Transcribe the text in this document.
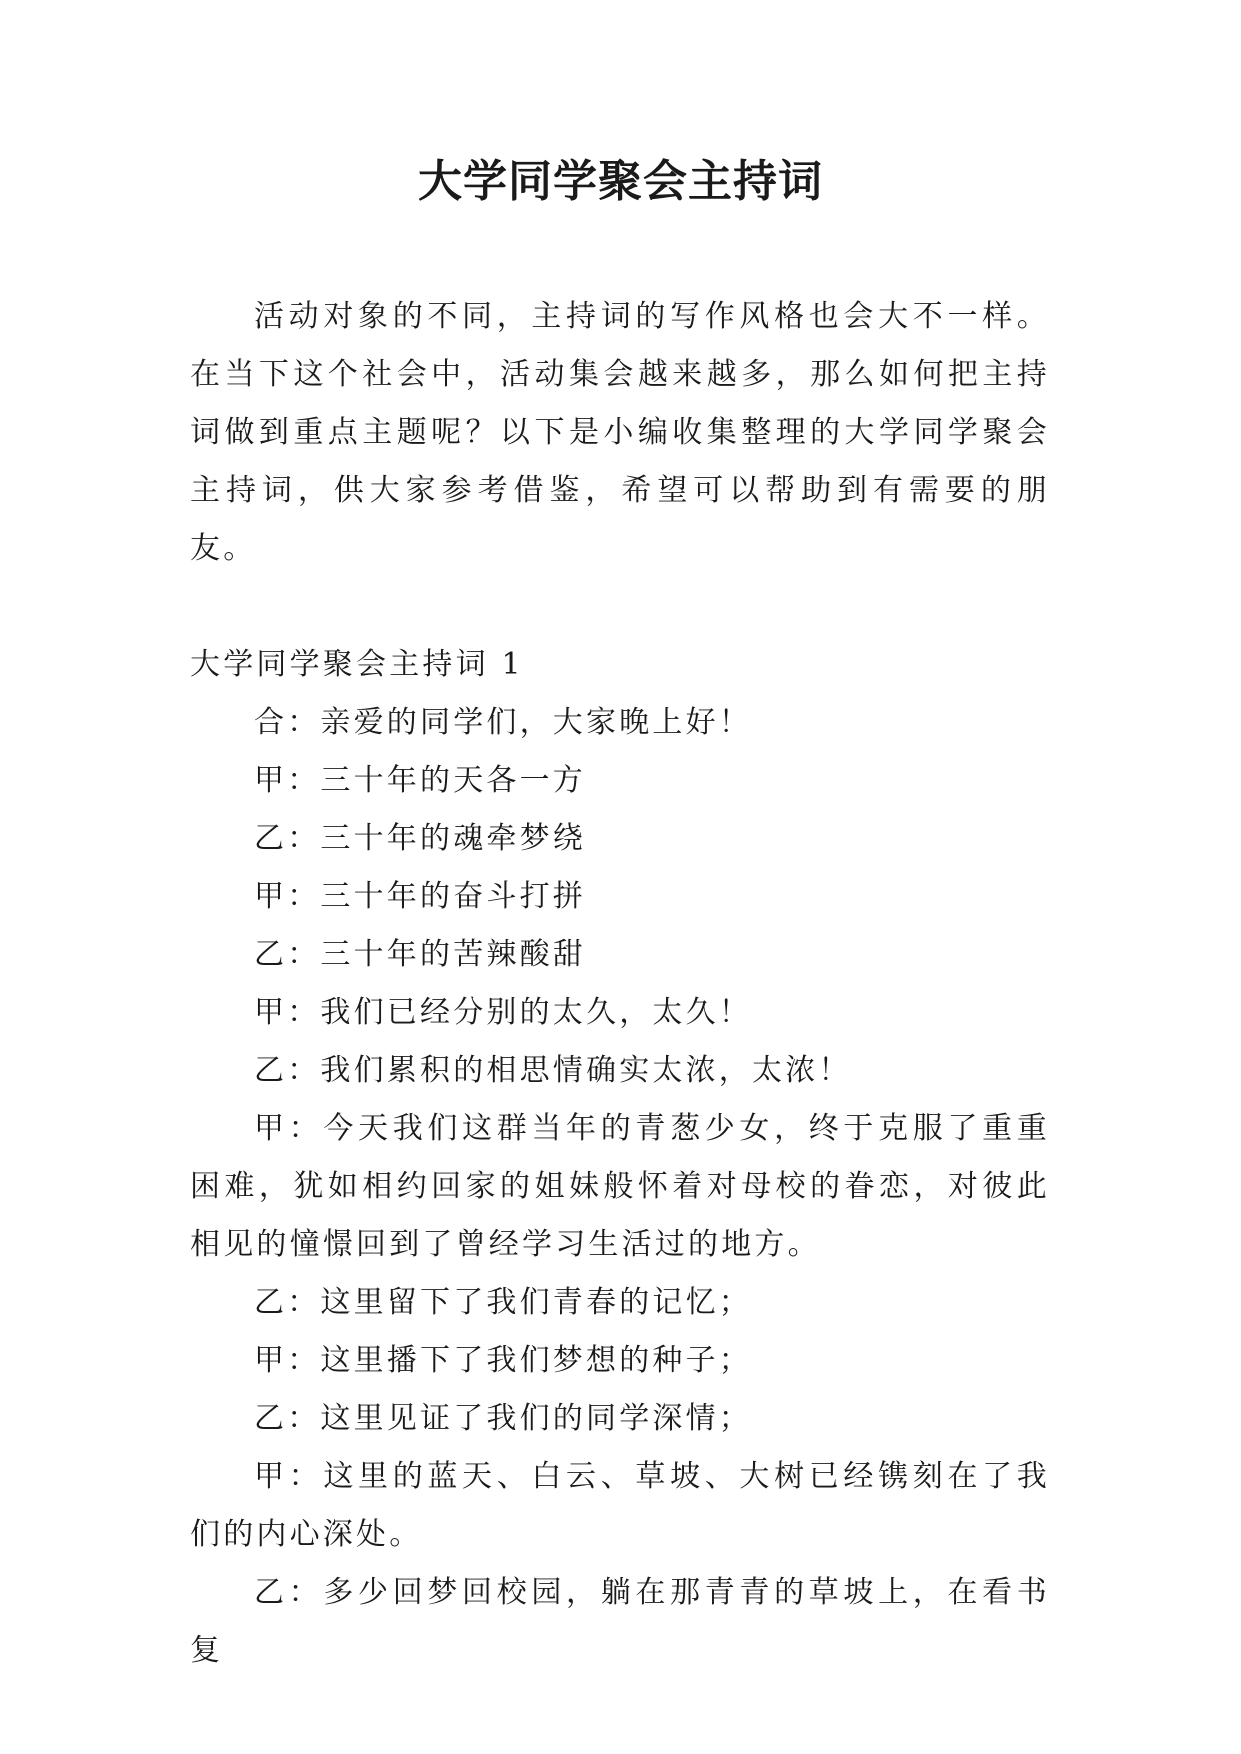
大学同学聚会主持词

活动对象的不同，主持词的写作风格也会大不一样。在当下这个社会中，活动集会越来越多，那么如何把主持词做到重点主题呢？以下是小编收集整理的大学同学聚会主持词，供大家参考借鉴，希望可以帮助到有需要的朋友。

大学同学聚会主持词 1

合：亲爱的同学们，大家晚上好！

甲：三十年的天各一方

乙：三十年的魂牵梦绕

甲：三十年的奋斗打拼

乙：三十年的苦辣酸甜

甲：我们已经分别的太久，太久！

乙：我们累积的相思情确实太浓，太浓！

甲：今天我们这群当年的青葱少女，终于克服了重重困难，犹如相约回家的姐妹般怀着对母校的眷恋，对彼此相见的憧憬回到了曾经学习生活过的地方。

乙：这里留下了我们青春的记忆；

甲：这里播下了我们梦想的种子；

乙：这里见证了我们的同学深情；

甲：这里的蓝天、白云、草坡、大树已经镌刻在了我们的内心深处。

乙：多少回梦回校园，躺在那青青的草坡上，在看书复
